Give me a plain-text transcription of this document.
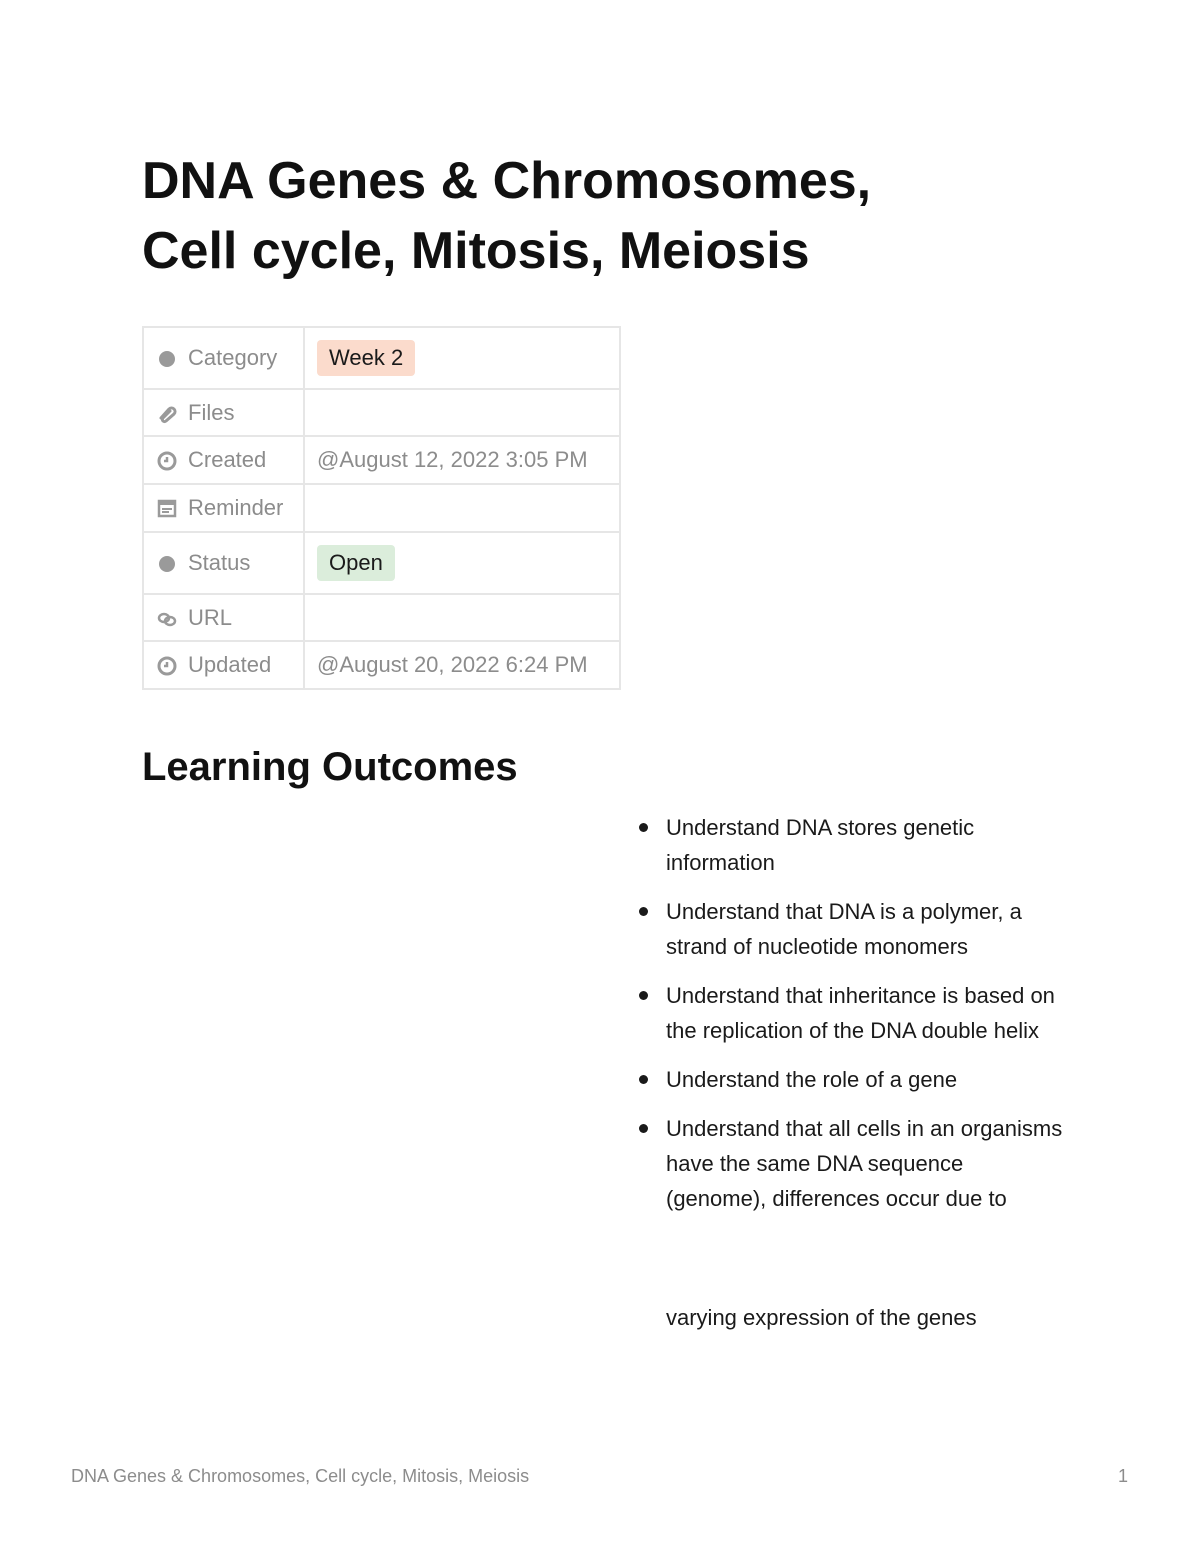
DNA Genes & Chromosomes,
Cell cycle, Mitosis, Meiosis
Category	Week 2
Files	
Created	@August 12, 2022 3:05 PM
Reminder	
Status	Open
URL	
Updated	@August 20, 2022 6:24 PM
Learning Outcomes
Understand DNA stores genetic information
Understand that DNA is a polymer, a strand of nucleotide monomers
Understand that inheritance is based on the replication of the DNA double helix
Understand the role of a gene
Understand that all cells in an organisms have the same DNA sequence (genome), differences occur due to

varying expression of the genes

DNA Genes & Chromosomes, Cell cycle, Mitosis, Meiosis	1
